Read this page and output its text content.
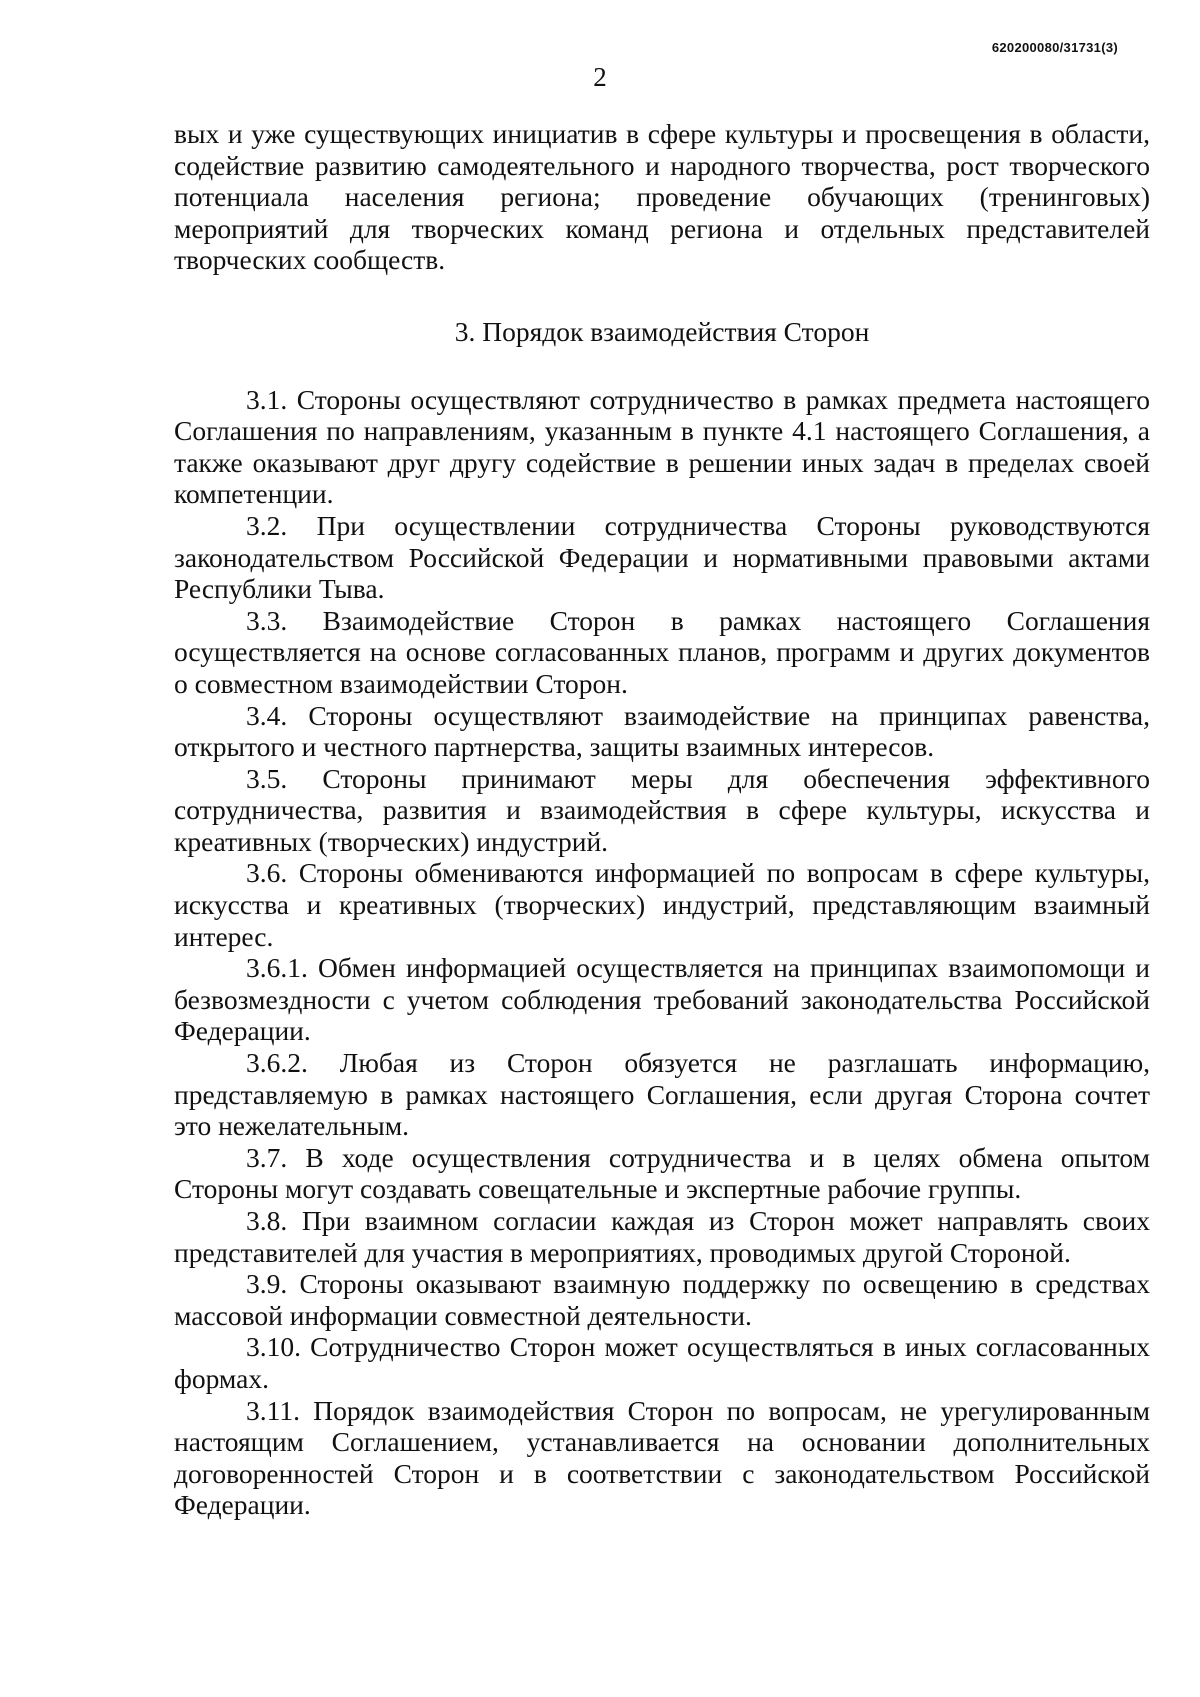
620200080/31731(3)
2

вых и уже существующих инициатив в сфере культуры и просвещения в области, содействие развитию самодеятельного и народного творчества, рост творческого потенциала населения региона; проведение обучающих (тренинговых) мероприятий для творческих команд региона и отдельных представителей творческих сообществ.

3. Порядок взаимодействия Сторон

3.1. Стороны осуществляют сотрудничество в рамках предмета настоящего Соглашения по направлениям, указанным в пункте 4.1 настоящего Соглашения, а также оказывают друг другу содействие в решении иных задач в пределах своей компетенции.

3.2. При осуществлении сотрудничества Стороны руководствуются законодательством Российской Федерации и нормативными правовыми актами Республики Тыва.

3.3. Взаимодействие Сторон в рамках настоящего Соглашения осуществляется на основе согласованных планов, программ и других документов о совместном взаимодействии Сторон.

3.4. Стороны осуществляют взаимодействие на принципах равенства, открытого и честного партнерства, защиты взаимных интересов.

3.5. Стороны принимают меры для обеспечения эффективного сотрудничества, развития и взаимодействия в сфере культуры, искусства и креативных (творческих) индустрий.

3.6. Стороны обмениваются информацией по вопросам в сфере культуры, искусства и креативных (творческих) индустрий, представляющим взаимный интерес.

3.6.1. Обмен информацией осуществляется на принципах взаимопомощи и безвозмездности с учетом соблюдения требований законодательства Российской Федерации.

3.6.2. Любая из Сторон обязуется не разглашать информацию, представляемую в рамках настоящего Соглашения, если другая Сторона сочтет это нежелательным.

3.7. В ходе осуществления сотрудничества и в целях обмена опытом Стороны могут создавать совещательные и экспертные рабочие группы.

3.8. При взаимном согласии каждая из Сторон может направлять своих представителей для участия в мероприятиях, проводимых другой Стороной.

3.9. Стороны оказывают взаимную поддержку по освещению в средствах массовой информации совместной деятельности.

3.10. Сотрудничество Сторон может осуществляться в иных согласованных формах.

3.11. Порядок взаимодействия Сторон по вопросам, не урегулированным настоящим Соглашением, устанавливается на основании дополнительных договоренностей Сторон и в соответствии с законодательством Российской Федерации.
